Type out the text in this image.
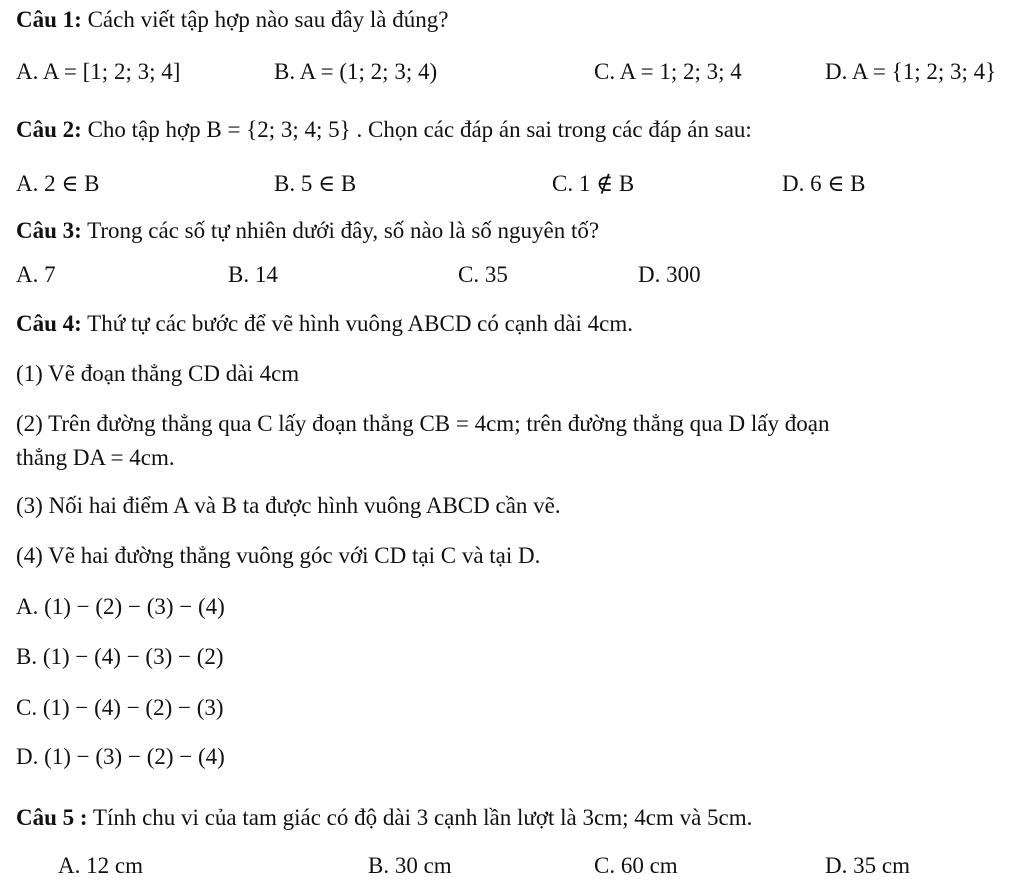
Câu 1: Cách viết tập hợp nào sau đây là đúng?
A. A = [1; 2; 3; 4]	B. A = (1; 2; 3; 4)	C. A = 1; 2; 3; 4	D. A = {1; 2; 3; 4}
Câu 2: Cho tập hợp B = {2; 3; 4; 5} . Chọn các đáp án sai trong các đáp án sau:
A. 2 ∈ B	B. 5 ∈ B	C. 1 ∉ B	D. 6 ∈ B
Câu 3: Trong các số tự nhiên dưới đây, số nào là số nguyên tố?
A. 7	B. 14	C. 35	D. 300
Câu 4: Thứ tự các bước để vẽ hình vuông ABCD có cạnh dài 4cm.
(1) Vẽ đoạn thẳng CD dài 4cm
(2) Trên đường thẳng qua C lấy đoạn thẳng CB = 4cm; trên đường thẳng qua D lấy đoạn
thẳng DA = 4cm.
(3) Nối hai điểm A và B ta được hình vuông ABCD cần vẽ.
(4) Vẽ hai đường thẳng vuông góc với CD tại C và tại D.
A. (1) − (2) − (3) − (4)
B. (1) − (4) − (3) − (2)
C. (1) − (4) − (2) − (3)
D. (1) − (3) − (2) − (4)
Câu 5 : Tính chu vi của tam giác có độ dài 3 cạnh lần lượt là 3cm; 4cm và 5cm.
A. 12 cm	B. 30 cm	C. 60 cm	D. 35 cm
